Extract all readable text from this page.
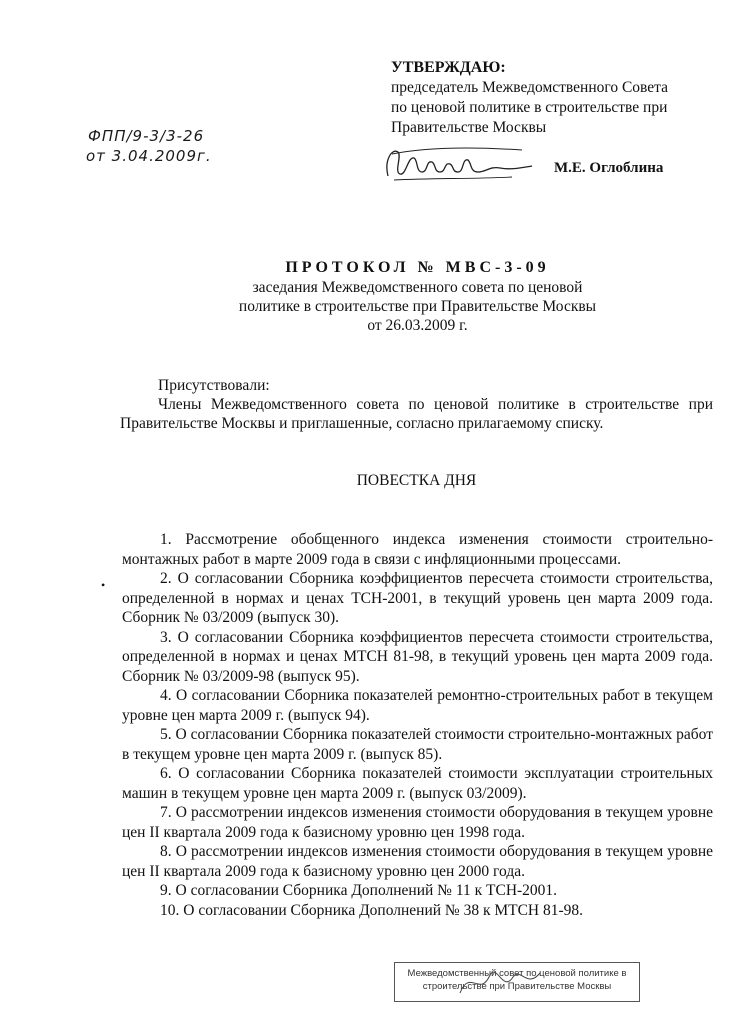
УТВЕРЖДАЮ:
председатель Межведомственного Совета
по ценовой политике в строительстве при
Правительстве Москвы
ФПП/9-3/3-26
от 3.04.2009г.
М.Е. Оглоблина
ПРОТОКОЛ № МВС-3-09
заседания Межведомственного совета по ценовой
политике в строительстве при Правительстве Москвы
от 26.03.2009 г.
Присутствовали:
Члены Межведомственного совета по ценовой политике в строительстве при Правительстве Москвы и приглашенные, согласно прилагаемому списку.
ПОВЕСТКА ДНЯ
•
1. Рассмотрение обобщенного индекса изменения стоимости строительно-монтажных работ в марте 2009 года в связи с инфляционными процессами.
2. О согласовании Сборника коэффициентов пересчета стоимости строительства, определенной в нормах и ценах ТСН-2001, в текущий уровень цен марта 2009 года. Сборник № 03/2009 (выпуск 30).
3. О согласовании Сборника коэффициентов пересчета стоимости строительства, определенной в нормах и ценах МТСН 81-98, в текущий уровень цен марта 2009 года. Сборник № 03/2009-98 (выпуск 95).
4. О согласовании Сборника показателей ремонтно-строительных работ в текущем уровне цен марта 2009 г. (выпуск 94).
5. О согласовании Сборника показателей стоимости строительно-монтажных работ в текущем уровне цен марта 2009 г. (выпуск 85).
6. О согласовании Сборника показателей стоимости эксплуатации строительных машин в текущем уровне цен марта 2009 г. (выпуск 03/2009).
7. О рассмотрении индексов изменения стоимости оборудования в текущем уровне цен II квартала 2009 года к базисному уровню цен 1998 года.
8. О рассмотрении индексов изменения стоимости оборудования в текущем уровне цен II квартала 2009 года к базисному уровню цен 2000 года.
9. О согласовании Сборника Дополнений № 11 к ТСН-2001.
10. О согласовании Сборника Дополнений № 38 к МТСН 81-98.
Межведомственный совет по ценовой политике в
строительстве при Правительстве Москвы
